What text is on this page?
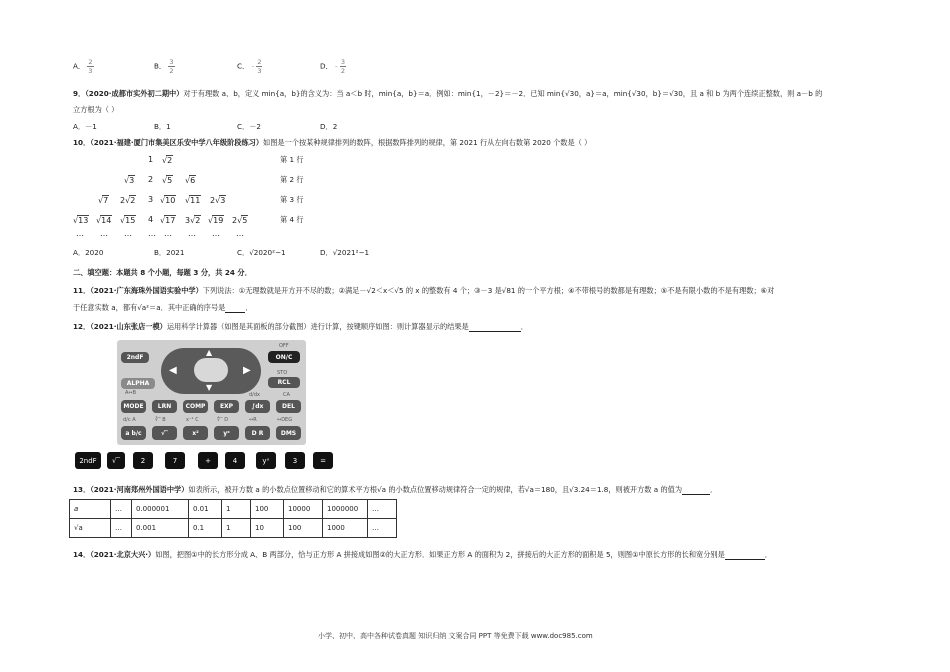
A． $\frac{2}{3}$	B． $\frac{3}{2}$	C． - $\frac{2}{3}$	D． - $\frac{3}{2}$
9．（2020·成都市实外初二期中）对于有理数 a、b，定义 min{a，b}的含义为：当 a＜b 时，min{a，b}＝a．例如：min{1，－2}＝－2．已知 min{√30，a}＝a，min{√30，b}＝√30，且 a 和 b 为两个连续正整数，则 a－b 的
立方根为（ ）
A．－1	B．1	C．－2	D．2
10．（2021·福建·厦门市集美区乐安中学八年级阶段练习）如图是一个按某种规律排列的数阵，根据数阵排列的规律，第 2021 行从左向右数第 2020 个数是（ ）
1 √2
√3 2 √5 √6
√7 2√2 3 √10 √11 2√3
√13 √14 √15 4 √17 3√2 √19 2√5
… … … … … … … …
第 1 行
第 2 行
第 3 行
第 4 行
A．2020	B．2021	C．√2020²−1	D．√2021²−1
二、填空题：本题共 8 个小题，每题 3 分，共 24 分．
11．（2021·广东海珠外国语实验中学）下列说法：①无理数就是开方开不尽的数；②满足－√2＜x＜√5 的 x 的整数有 4 个；③－3 是√81 的一个平方根；④不带根号的数都是有理数；⑤不是有限小数的不是有理数；⑥对
于任意实数 a，都有√a²＝a．其中正确的序号是	．
12．（2021·山东张店一模）运用科学计算器（如图是其面板的部分截图）进行计算，按键顺序如图：则计算器显示的结果是	．
2ndF
ALPHA
◀	▶
▲
▼
OFF
ON/C
STO
RCL
A↔B	d/dx	CA
MODE	LRN	COMP	EXP	∫dx	DEL
d/c A	∛‾ B	x⁻¹ C	∜‾ D	↔R	↔DEG
a b/c	√‾	x²	yˣ	D R	DMS
2ndF	√‾	2	7	+	4	yˣ	3	=
13．（2021·河南郑州外国语中学）如表所示，被开方数 a 的小数点位置移动和它的算术平方根√a 的小数点位置移动规律符合一定的规律，若√a＝180，且√3.24＝1.8，则被开方数 a 的值为	．
a	…	0.000001	0.01	1	100	10000	1000000	…
√a	…	0.001	0.1	1	10	100	1000	…
14．（2021·北京大兴·）如图，把图①中的长方形分成 A、B 两部分，恰与正方形 A 拼接成如图②的大正方形．如果正方形 A 的面积为 2，拼接后的大正方形的面积是 5，则图①中原长方形的长和宽分别是	．
小学、初中、高中各种试卷真题 知识归纳 文案合同 PPT 等免费下载 www.doc985.com
